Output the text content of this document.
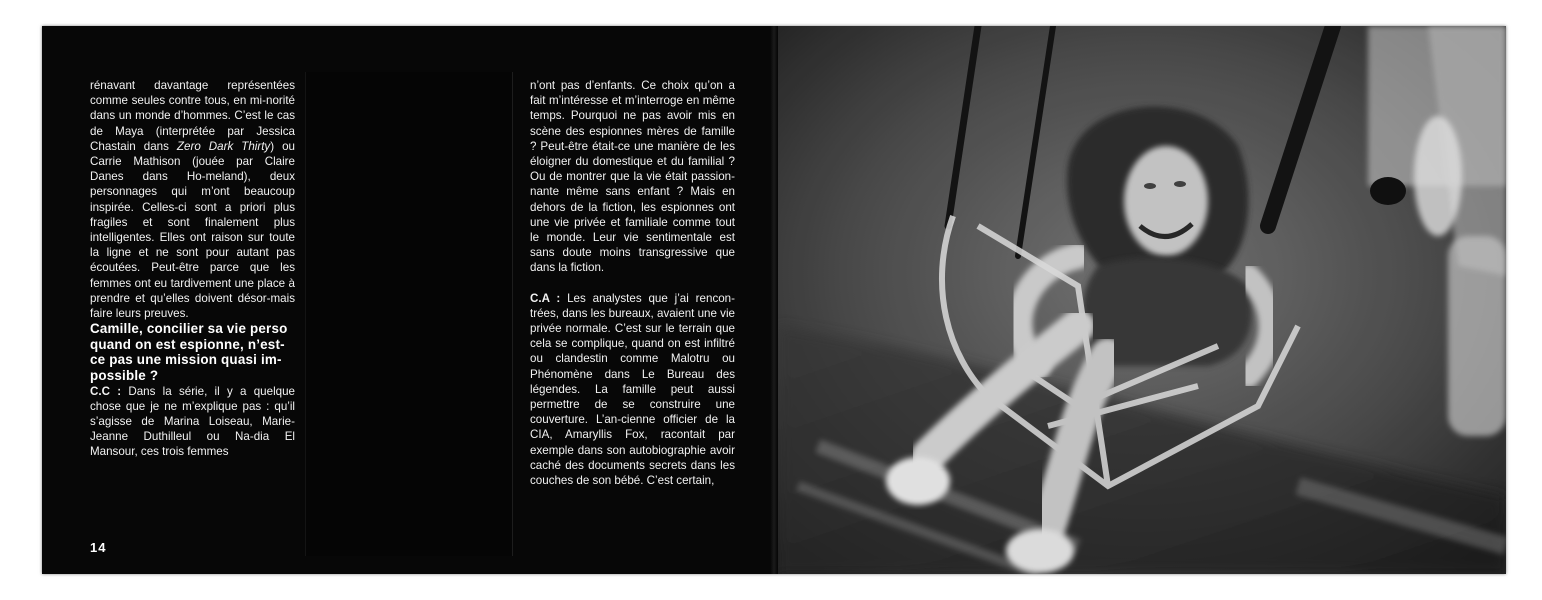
rénavant davantage représentées comme seules contre tous, en mi-norité dans un monde d’hommes. C’est le cas de Maya (interprétée par Jessica Chastain dans Zero Dark Thirty) ou Carrie Mathison (jouée par Claire Danes dans Ho-meland), deux personnages qui m’ont beaucoup inspirée. Celles-ci sont a priori plus fragiles et sont finalement plus intelligentes. Elles ont raison sur toute la ligne et ne sont pour autant pas écoutées. Peut-être parce que les femmes ont eu tardivement une place à prendre et qu’elles doivent désor-mais faire leurs preuves.

Camille, concilier sa vie perso quand on est espionne, n’est-ce pas une mission quasi im-possible ?

C.C : Dans la série, il y a quelque chose que je ne m’explique pas : qu’il s’agisse de Marina Loiseau, Marie-Jeanne Duthilleul ou Na-dia El Mansour, ces trois femmes

n’ont pas d’enfants. Ce choix qu’on a fait m’intéresse et m’interroge en même temps. Pourquoi ne pas avoir mis en scène des espionnes mères de famille ? Peut-être était-ce une manière de les éloigner du domestique et du familial ? Ou de montrer que la vie était passion-nante même sans enfant ? Mais en dehors de la fiction, les espionnes ont une vie privée et familiale comme tout le monde. Leur vie sentimentale est sans doute moins transgressive que dans la fiction.

C.A : Les analystes que j’ai rencon-trées, dans les bureaux, avaient une vie privée normale. C’est sur le terrain que cela se complique, quand on est infiltré ou clandestin comme Malotru ou Phénomène dans Le Bureau des légendes. La famille peut aussi permettre de se construire une couverture. L’an-cienne officier de la CIA, Amaryllis Fox, racontait par exemple dans son autobiographie avoir caché des documents secrets dans les couches de son bébé. C’est certain,

14
